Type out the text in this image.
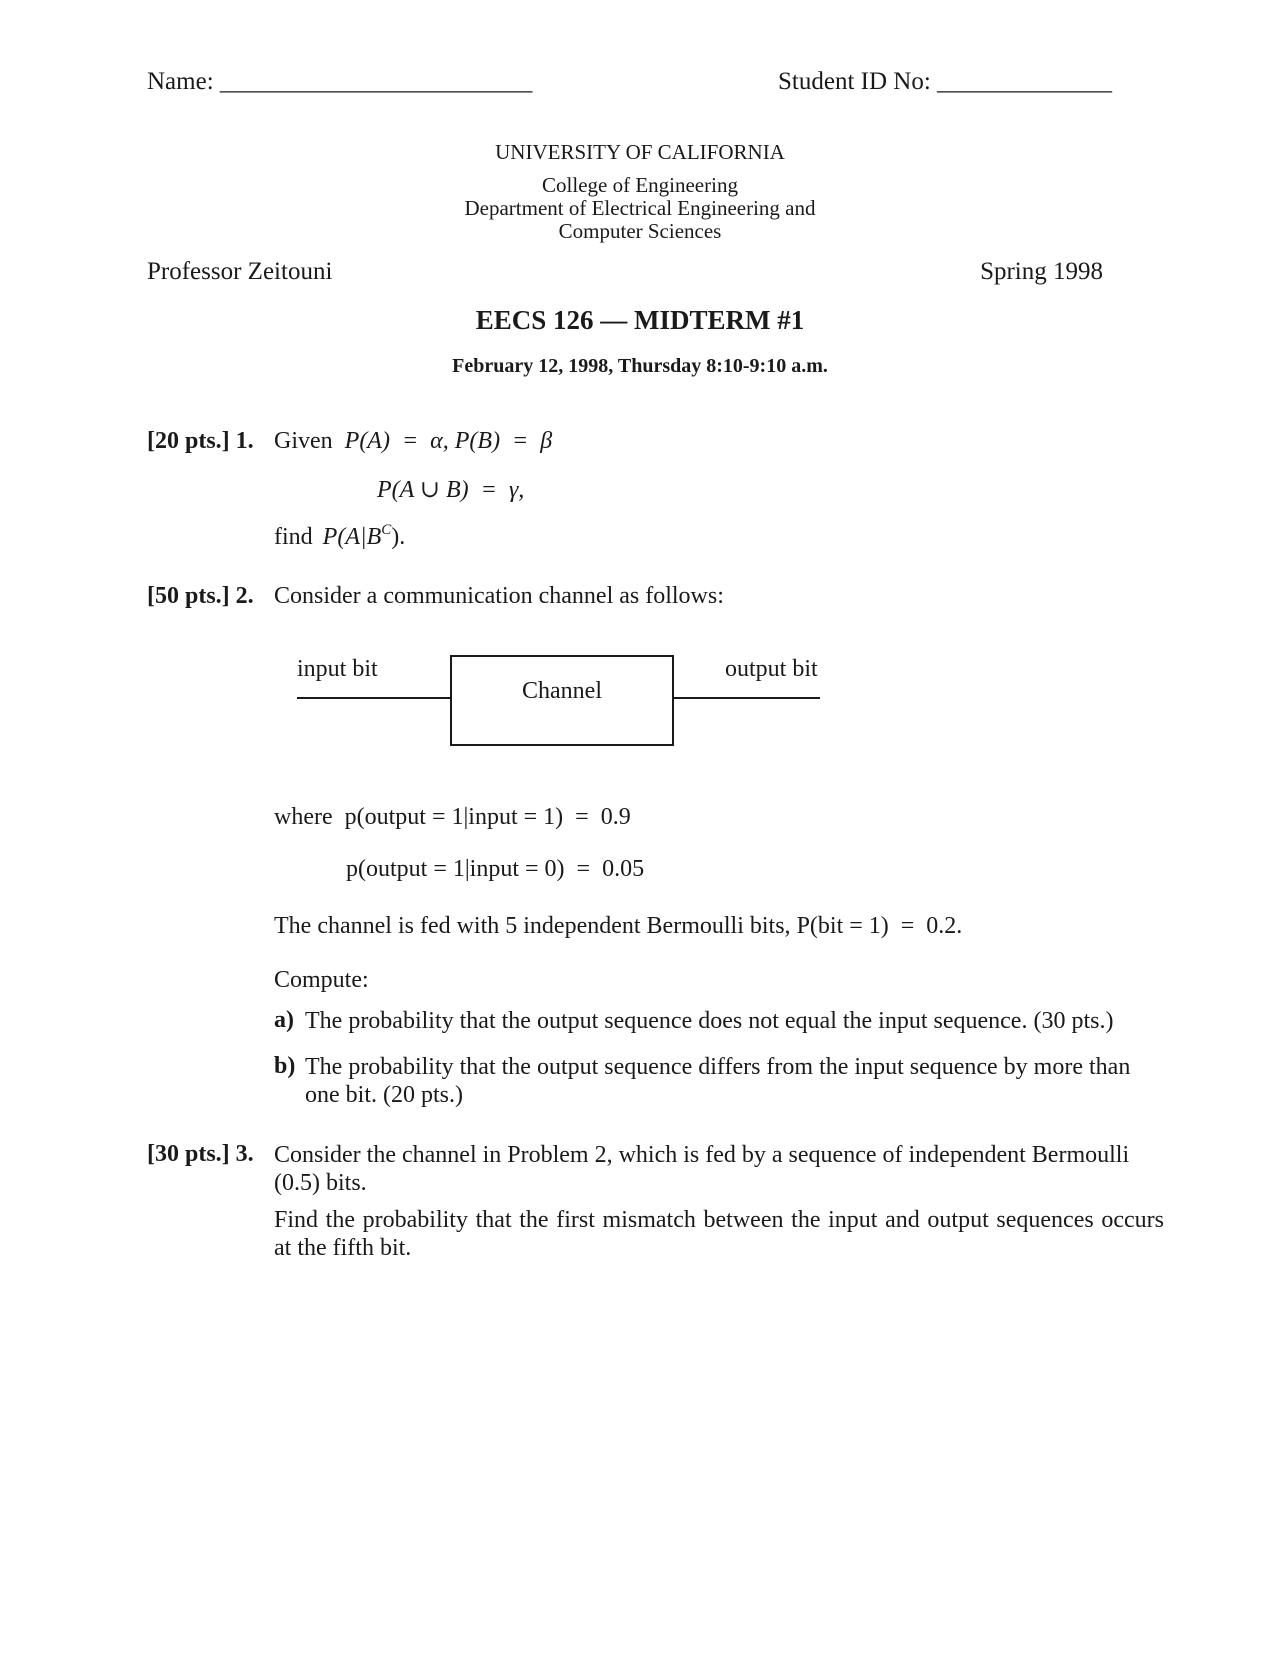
Name: _________________________	Student ID No: ______________
UNIVERSITY OF CALIFORNIA
College of Engineering
Department of Electrical Engineering and
Computer Sciences
Professor Zeitouni	Spring 1998
EECS 126 — MIDTERM #1
February 12, 1998, Thursday 8:10-9:10 a.m.
[20 pts.] 1. Given P(A)  =  α, P(B)  =  β
P(A ∪ B)  =  γ,
find $P(A|B^C)$.
[50 pts.] 2. Consider a communication channel as follows:
input bit
Channel
output bit
where p(output = 1|input = 1)  =  0.9
p(output = 1|input = 0)  =  0.05
The channel is fed with 5 independent Bermoulli bits, P(bit = 1)  =  0.2.
Compute:
a) The probability that the output sequence does not equal the input sequence. (30 pts.)
b) The probability that the output sequence differs from the input sequence by more than one bit. (20 pts.)
[30 pts.] 3. Consider the channel in Problem 2, which is fed by a sequence of independent Bermoulli (0.5) bits.
Find the probability that the first mismatch between the input and output sequences occurs at the fifth bit.
